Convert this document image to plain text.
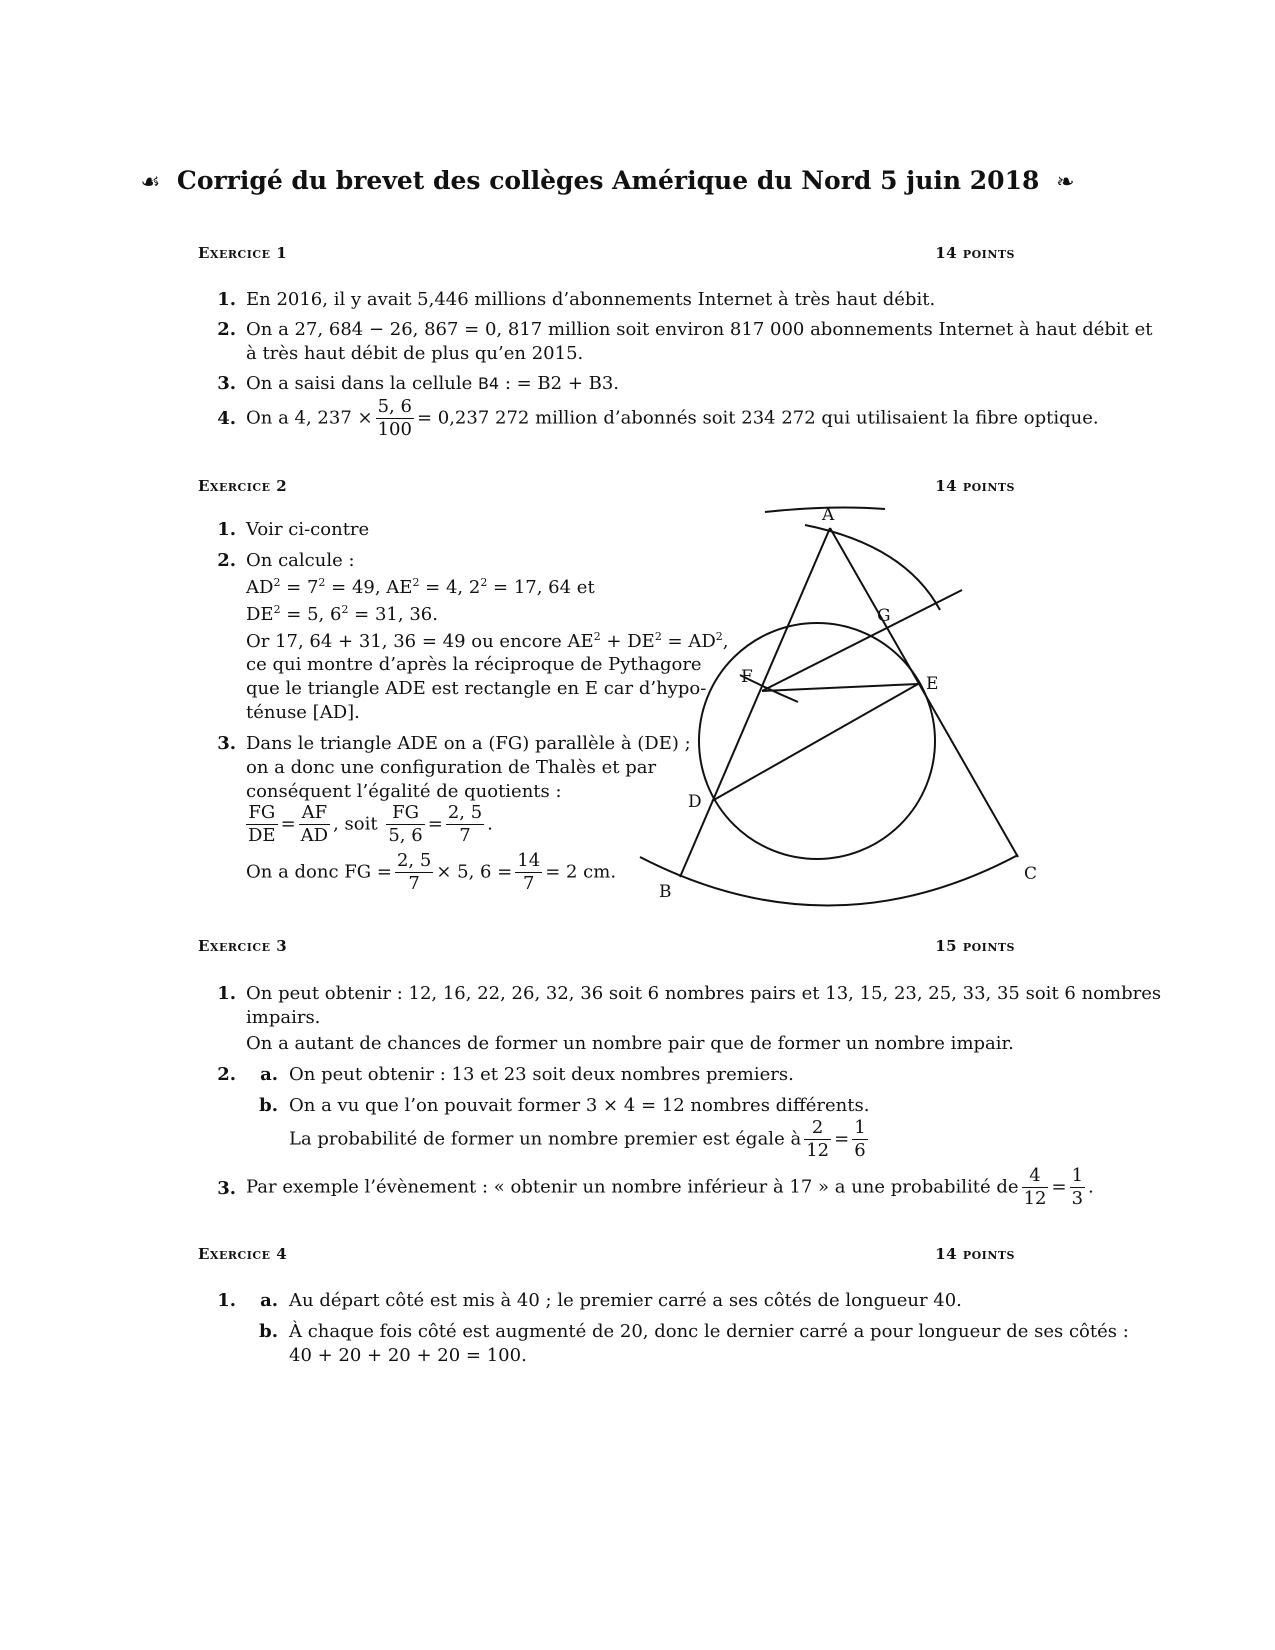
☙ Corrigé du brevet des collèges Amérique du Nord 5 juin 2018 ❧
Exercice 1	14 points
1. En 2016, il y avait 5,446 millions d’abonnements Internet à très haut débit.
2. On a 27, 684 − 26, 867 = 0, 817 million soit environ 817 000 abonnements Internet à haut débit et
à très haut débit de plus qu’en 2015.
3. On a saisi dans la cellule B4 : = B2 + B3.
4. On a 4, $237 \times \frac{5, 6}{100} = 0,237$ 272 million d’abonnés soit 234 272 qui utilisaient la fibre optique.
Exercice 2	14 points
1. Voir ci-contre
2. On calcule :
$AD^2 = 7^2 = 49$, $AE^2 = 4$, $2^2 = 17$, 64 et
$DE^2 = 5$, $6^2 = 31$, 36.
Or 17, 64 + 31, 36 = 49 ou encore $AE^2 + DE^2 = AD^2$,
ce qui montre d’après la réciproque de Pythagore
que le triangle ADE est rectangle en E car d’hypo-
ténuse [AD].
3. Dans le triangle ADE on a (FG) parallèle à (DE) ;
on a donc une configuration de Thalès et par
conséquent l’égalité de quotients :
$\frac{FG}{DE} = \frac{AF}{AD}$ , soit $\frac{FG}{5, 6} = \frac{2, 5}{7}$ .
On a donc FG = $\frac{2, 5}{7} \times 5$, $6 = \frac{14}{7} = 2$ cm.
A
B
C
D
E
F
G
Exercice 3	15 points
1. On peut obtenir : 12, 16, 22, 26, 32, 36 soit 6 nombres pairs et 13, 15, 23, 25, 33, 35 soit 6 nombres
impairs.
On a autant de chances de former un nombre pair que de former un nombre impair.
2.	a. On peut obtenir : 13 et 23 soit deux nombres premiers.
b. On a vu que l’on pouvait former 3 × 4 = 12 nombres différents.
La probabilité de former un nombre premier est égale à $\frac{2}{12} = \frac{1}{6}$
3. Par exemple l’évènement : « obtenir un nombre inférieur à 17 » a une probabilité de $\frac{4}{12} = \frac{1}{3}$ .
Exercice 4	14 points
1.	a. Au départ côté est mis à 40 ; le premier carré a ses côtés de longueur 40.
b. À chaque fois côté est augmenté de 20, donc le dernier carré a pour longueur de ses côtés :
40 + 20 + 20 + 20 = 100.
